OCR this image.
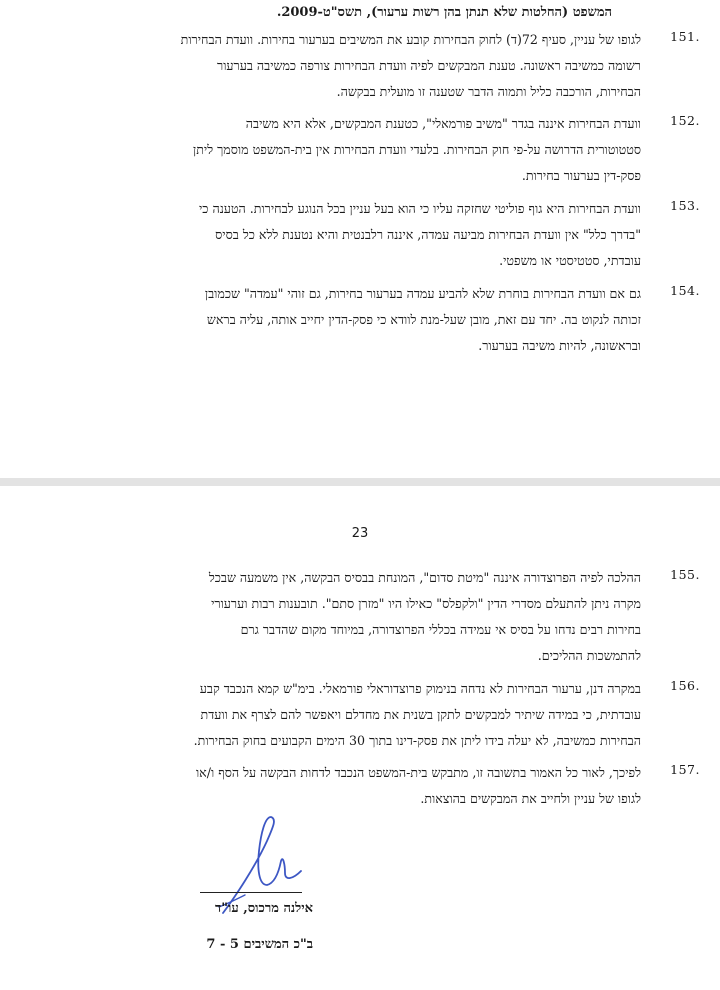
המשפט (החלטות שלא תנתן בהן רשות ערעור), תשס"ט-2009.
.151
לגופו של עניין, סעיף 72(ד) לחוק הבחירות קובע את המשיבים בערעור בחירות. וועדת הבחירות
רשומה כמשיבה ראשונה. טענת המבקשים לפיה וועדת הבחירות צורפה כמשיבה בערעור
הבחירות, הורכבה כליל ותמוה הדבר שטענה זו מועלית בבקשה.
.152
וועדת הבחירות איננה בגדר "משיב פורמאלי", כטענת המבקשים, אלא היא משיבה
סטטוטורית הדרושה על-פי חוק הבחירות. בלעדי וועדת הבחירות אין בית-המשפט מוסמך ליתן
פסק-דין בערעור בחירות.
.153
וועדת הבחירות היא גוף פוליטי שחזקה עליו כי הוא בעל עניין בכל הנוגע לבחירות. הטענה כי
"בדרך כלל" אין וועדת הבחירות מביעה עמדה, איננה רלבנטית והיא נטענת ללא כל בסיס
עובדתי, סטטיסטי או משפטי.
.154
גם אם וועדת הבחירות בוחרת שלא להביע עמדה בערעור בחירות, גם זוהי "עמדה" שכמובן
זכותה לנקוט בה. יחד עם זאת, מובן שעל-מנת לוודא כי פסק-הדין יחייב אותה, עליה בראש
ובראשונה, להיות משיבה בערעור.
23
.155
ההלכה לפיה הפרוצדורה איננה "מיטת סדום", המונחת בבסיס הבקשה, אין משמעה שבכל
מקרה ניתן להתעלם מסדרי הדין "ולקפלס" כאילו היו "מזרן סתם". תובענות רבות וערעורי
בחירות רבים נדחו על בסיס אי עמידה בכללי הפרוצדורה, במיוחד מקום שהדבר גרם
להתמשכות ההליכים.
.156
במקרה דנן, ערעור הבחירות לא נדחה בנימוק פרוצדוראלי פורמאלי. בימ"ש קמא הנכבד קבע
עובדתית, כי במידה שיתיר למבקשים לתקן בשנית את מחדלם ויאפשר להם לצרף את וועדת
הבחירות כמשיבה, לא יעלה בידו ליתן את פסק-דינו בתוך 30 הימים הקבועים בחוק הבחירות.
.157
לפיכך, לאור כל האמור בתשובה זו, מתבקש בית-המשפט הנכבד לדחות הבקשה על הסף ו/או
לגופו של עניין ולחייב את המבקשים בהוצאות.
אילנה מרכוס, עו"ד
ב"כ המשיבים 5 - 7
